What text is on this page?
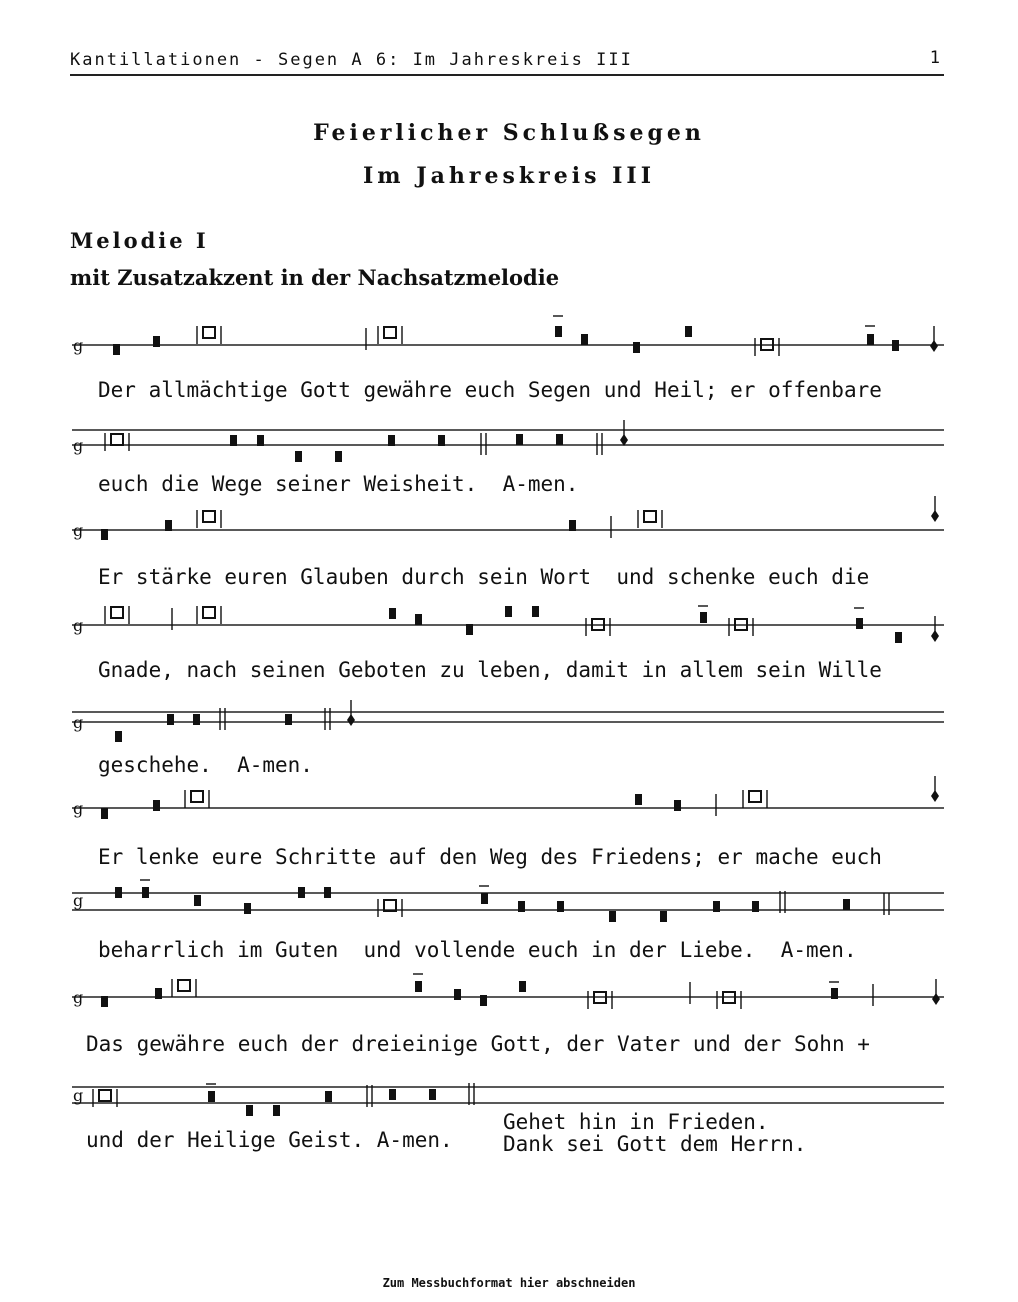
Kantillationen - Segen A 6: Im Jahreskreis III	1
Feierlicher Schlußsegen
Im Jahreskreis III
Melodie I
mit Zusatzakzent in der Nachsatzmelodie
g
g
g
g
g
g
g
g
g
Der allmächtige Gott gewähre euch Segen und Heil; er offenbare
euch die Wege seiner Weisheit.  A-men.
Er stärke euren Glauben durch sein Wort  und schenke euch die
Gnade, nach seinen Geboten zu leben, damit in allem sein Wille
geschehe.  A-men.
Er lenke eure Schritte auf den Weg des Friedens; er mache euch
beharrlich im Guten  und vollende euch in der Liebe.  A-men.
Das gewähre euch der dreieinige Gott, der Vater und der Sohn +
und der Heilige Geist. A-men.
Gehet hin in Frieden.
Dank sei Gott dem Herrn.
Zum Messbuchformat hier abschneiden
